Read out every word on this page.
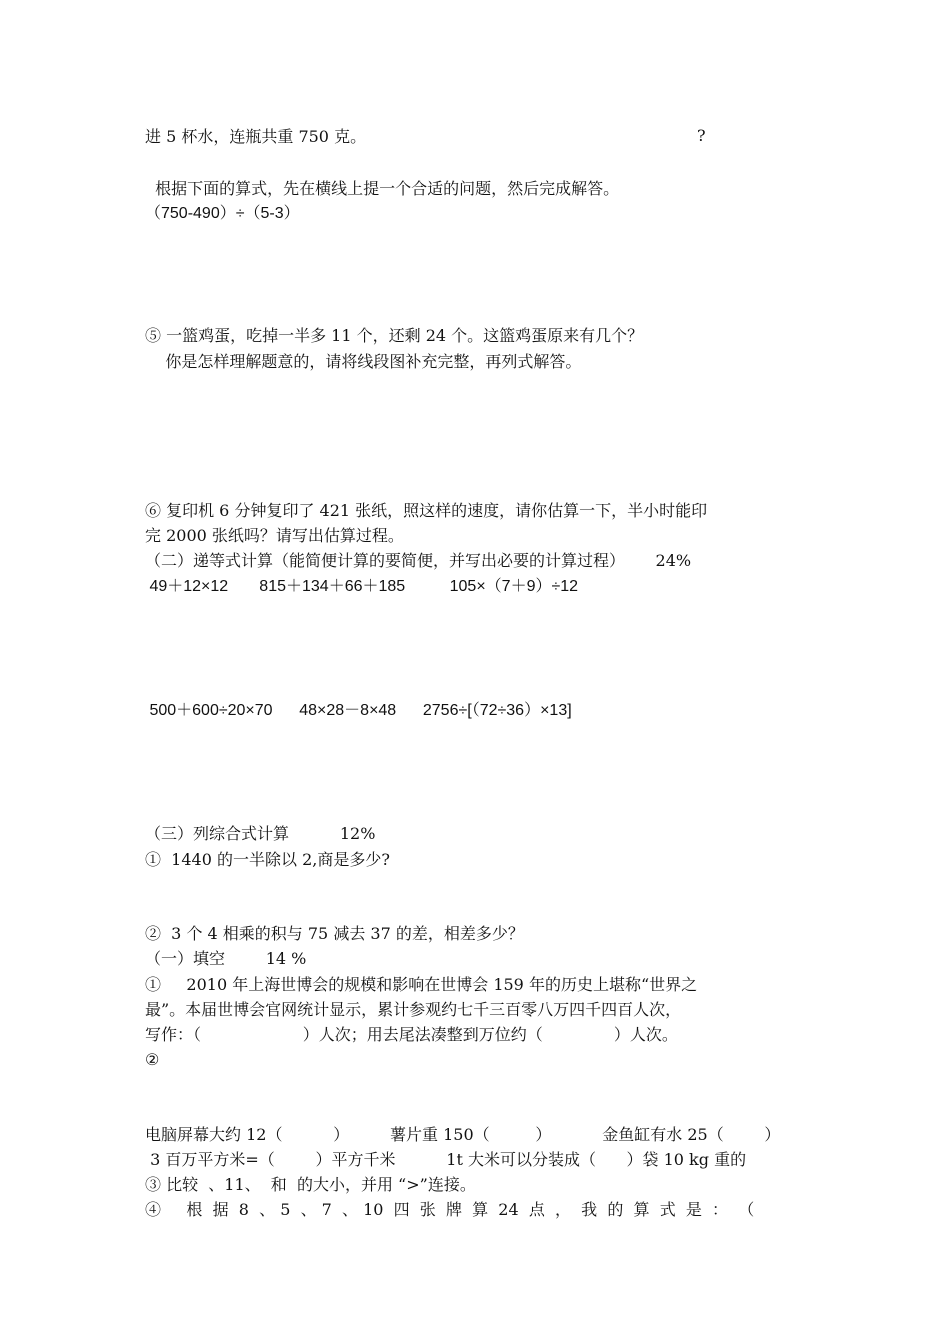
进 5 杯水，连瓶共重 750 克。	?
根据下面的算式，先在横线上提一个合适的问题，然后完成解答。
（750-490）÷（5-3）
⑤ 一篮鸡蛋，吃掉一半多 11 个，还剩 24 个。这篮鸡蛋原来有几个？
你是怎样理解题意的，请将线段图补充完整，再列式解答。
⑥ 复印机 6 分钟复印了 421 张纸，照这样的速度，请你估算一下，半小时能印
完 2000 张纸吗？请写出估算过程。
（二）递等式计算（能简便计算的要简便，并写出必要的计算过程）      24%
49＋12×12       815＋134＋66＋185          105×（7＋9）÷12
500＋600÷20×70      48×28－8×48      2756÷[（72÷36）×13]
（三）列综合式计算          12%
①  1440 的一半除以 2,商是多少?
②  3 个 4 相乘的积与 75 减去 37 的差，相差多少？
（一）填空        14 %
①     2010 年上海世博会的规模和影响在世博会 159 年的历史上堪称“世界之
最”。本届世博会官网统计显示，累计参观约七千三百零八万四千四百人次，
写作：（                    ）人次；用去尾法凑整到万位约（              ）人次。
②
电脑屏幕大约 12（          ）        薯片重 150（         ）          金鱼缸有水 25（        ）
3 百万平方米=（        ）平方千米          1t 大米可以分装成（      ）袋 10 kg 重的
③ 比较  、11、  和  的大小，并用 “>”连接。
④     根  据  8  、 5  、 7  、 10  四  张  牌  算  24  点  ，  我  的  算  式  是  ：  （
